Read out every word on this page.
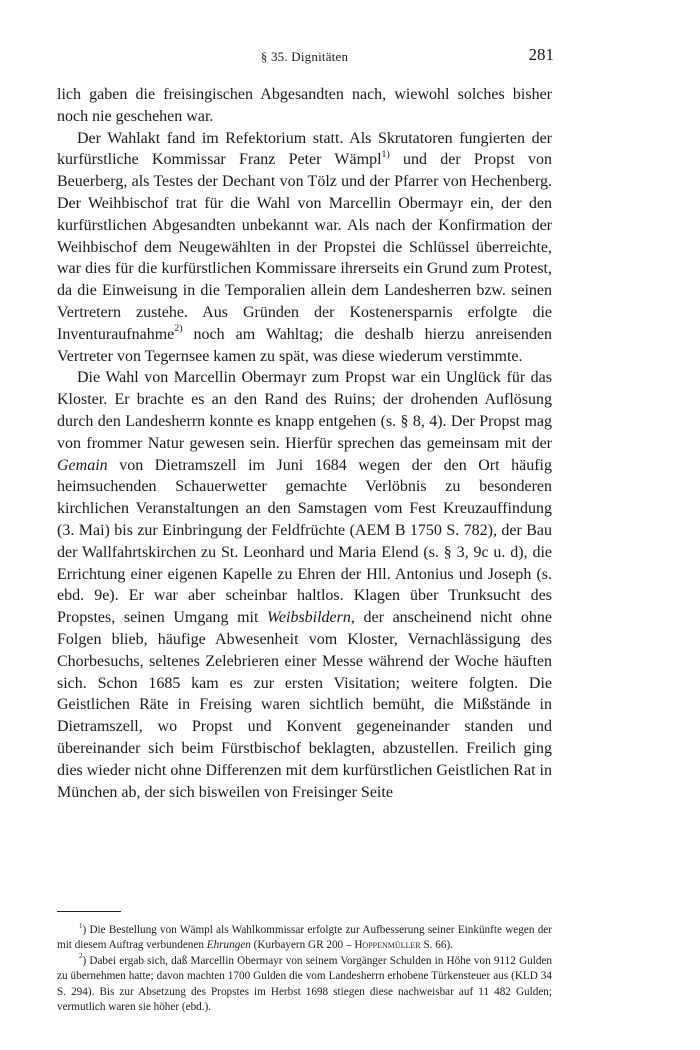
§ 35. Dignitäten	281

lich gaben die freisingischen Abgesandten nach, wiewohl solches bisher noch nie geschehen war.

Der Wahlakt fand im Refektorium statt. Als Skrutatoren fungierten der kurfürstliche Kommissar Franz Peter Wämpl$^{1)}$ und der Propst von Beuerberg, als Testes der Dechant von Tölz und der Pfarrer von Hechenberg. Der Weihbischof trat für die Wahl von Marcellin Obermayr ein, der den kurfürstlichen Abgesandten unbekannt war. Als nach der Konfirmation der Weihbischof dem Neugewählten in der Propstei die Schlüssel überreichte, war dies für die kurfürstlichen Kommissare ihrerseits ein Grund zum Protest, da die Einweisung in die Temporalien allein dem Landesherren bzw. seinen Vertretern zustehe. Aus Gründen der Kostenersparnis erfolgte die Inventuraufnahme$^{2)}$ noch am Wahltag; die deshalb hierzu anreisenden Vertreter von Tegernsee kamen zu spät, was diese wiederum verstimmte.

Die Wahl von Marcellin Obermayr zum Propst war ein Unglück für das Kloster. Er brachte es an den Rand des Ruins; der drohenden Auflösung durch den Landesherrn konnte es knapp entgehen (s. § 8, 4). Der Propst mag von frommer Natur gewesen sein. Hierfür sprechen das gemeinsam mit der Gemain von Dietramszell im Juni 1684 wegen der den Ort häufig heimsuchenden Schauerwetter gemachte Verlöbnis zu besonderen kirchlichen Veranstaltungen an den Samstagen vom Fest Kreuzauffindung (3. Mai) bis zur Einbringung der Feldfrüchte (AEM B 1750 S. 782), der Bau der Wallfahrtskirchen zu St. Leonhard und Maria Elend (s. § 3, 9c u. d), die Errichtung einer eigenen Kapelle zu Ehren der Hll. Antonius und Joseph (s. ebd. 9e). Er war aber scheinbar haltlos. Klagen über Trunksucht des Propstes, seinen Umgang mit Weibsbildern, der anscheinend nicht ohne Folgen blieb, häufige Abwesenheit vom Kloster, Vernachlässigung des Chorbesuchs, seltenes Zelebrieren einer Messe während der Woche häuften sich. Schon 1685 kam es zur ersten Visitation; weitere folgten. Die Geistlichen Räte in Freising waren sichtlich bemüht, die Mißstände in Dietramszell, wo Propst und Konvent gegeneinander standen und übereinander sich beim Fürstbischof beklagten, abzustellen. Freilich ging dies wieder nicht ohne Differenzen mit dem kurfürstlichen Geistlichen Rat in München ab, der sich bisweilen von Freisinger Seite

$^1$) Die Bestellung von Wämpl als Wahlkommissar erfolgte zur Aufbesserung seiner Einkünfte wegen der mit diesem Auftrag verbundenen Ehrungen (Kurbayern GR 200 – Hoppenmüller S. 66).

$^2$) Dabei ergab sich, daß Marcellin Obermayr von seinem Vorgänger Schulden in Höhe von 9112 Gulden zu übernehmen hatte; davon machten 1700 Gulden die vom Landesherrn erhobene Türkensteuer aus (KLD 34 S. 294). Bis zur Absetzung des Propstes im Herbst 1698 stiegen diese nachweisbar auf 11 482 Gulden; vermutlich waren sie höher (ebd.).
